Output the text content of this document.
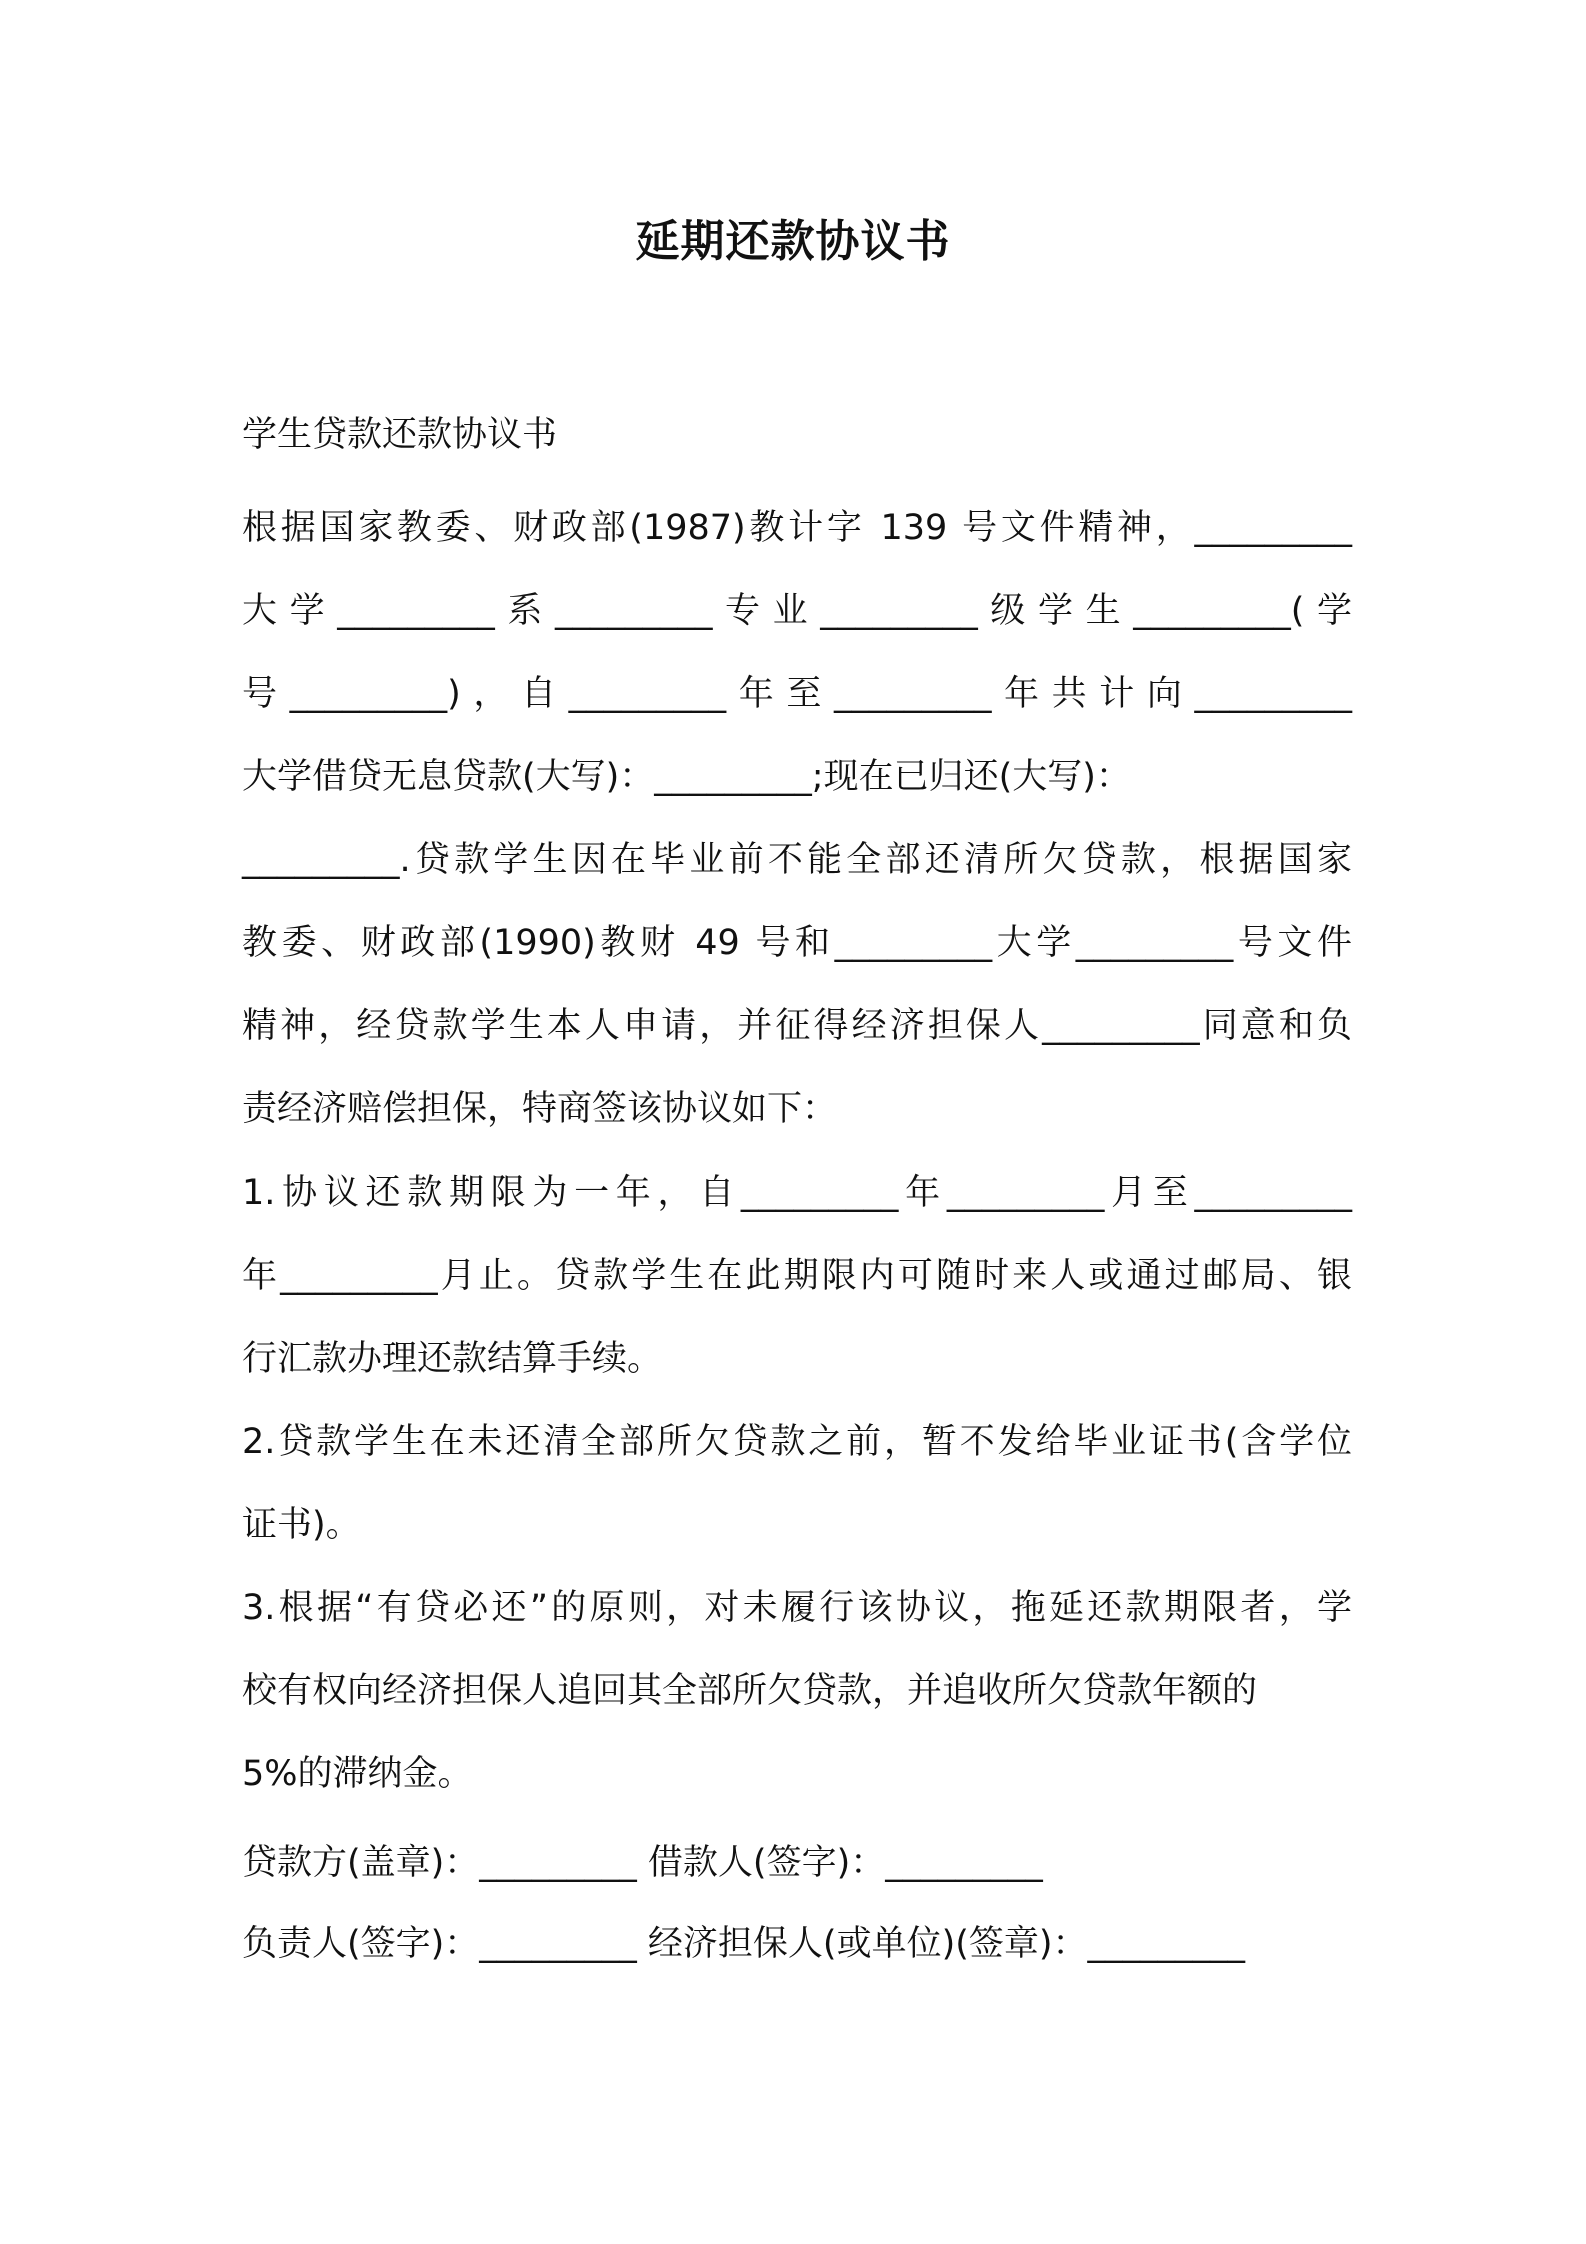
延期还款协议书
学生贷款还款协议书
根据国家教委、财政部(1987)教计字 139 号文件精神，_________
大学_________系_________专业_________级学生_________(学
号_________)，自_________年至_________年共计向_________
大学借贷无息贷款(大写)：_________;现在已归还(大写)：
_________.贷款学生因在毕业前不能全部还清所欠贷款，根据国家
教委、财政部(1990)教财 49 号和_________大学_________号文件
精神，经贷款学生本人申请，并征得经济担保人_________同意和负
责经济赔偿担保，特商签该协议如下：
1.协议还款期限为一年，自_________年_________月至_________
年_________月止。贷款学生在此期限内可随时来人或通过邮局、银
行汇款办理还款结算手续。
2.贷款学生在未还清全部所欠贷款之前，暂不发给毕业证书(含学位
证书)。
3.根据“有贷必还”的原则，对未履行该协议，拖延还款期限者，学
校有权向经济担保人追回其全部所欠贷款，并追收所欠贷款年额的
5%的滞纳金。
贷款方(盖章)：_________ 借款人(签字)：_________
负责人(签字)：_________ 经济担保人(或单位)(签章)：_________
